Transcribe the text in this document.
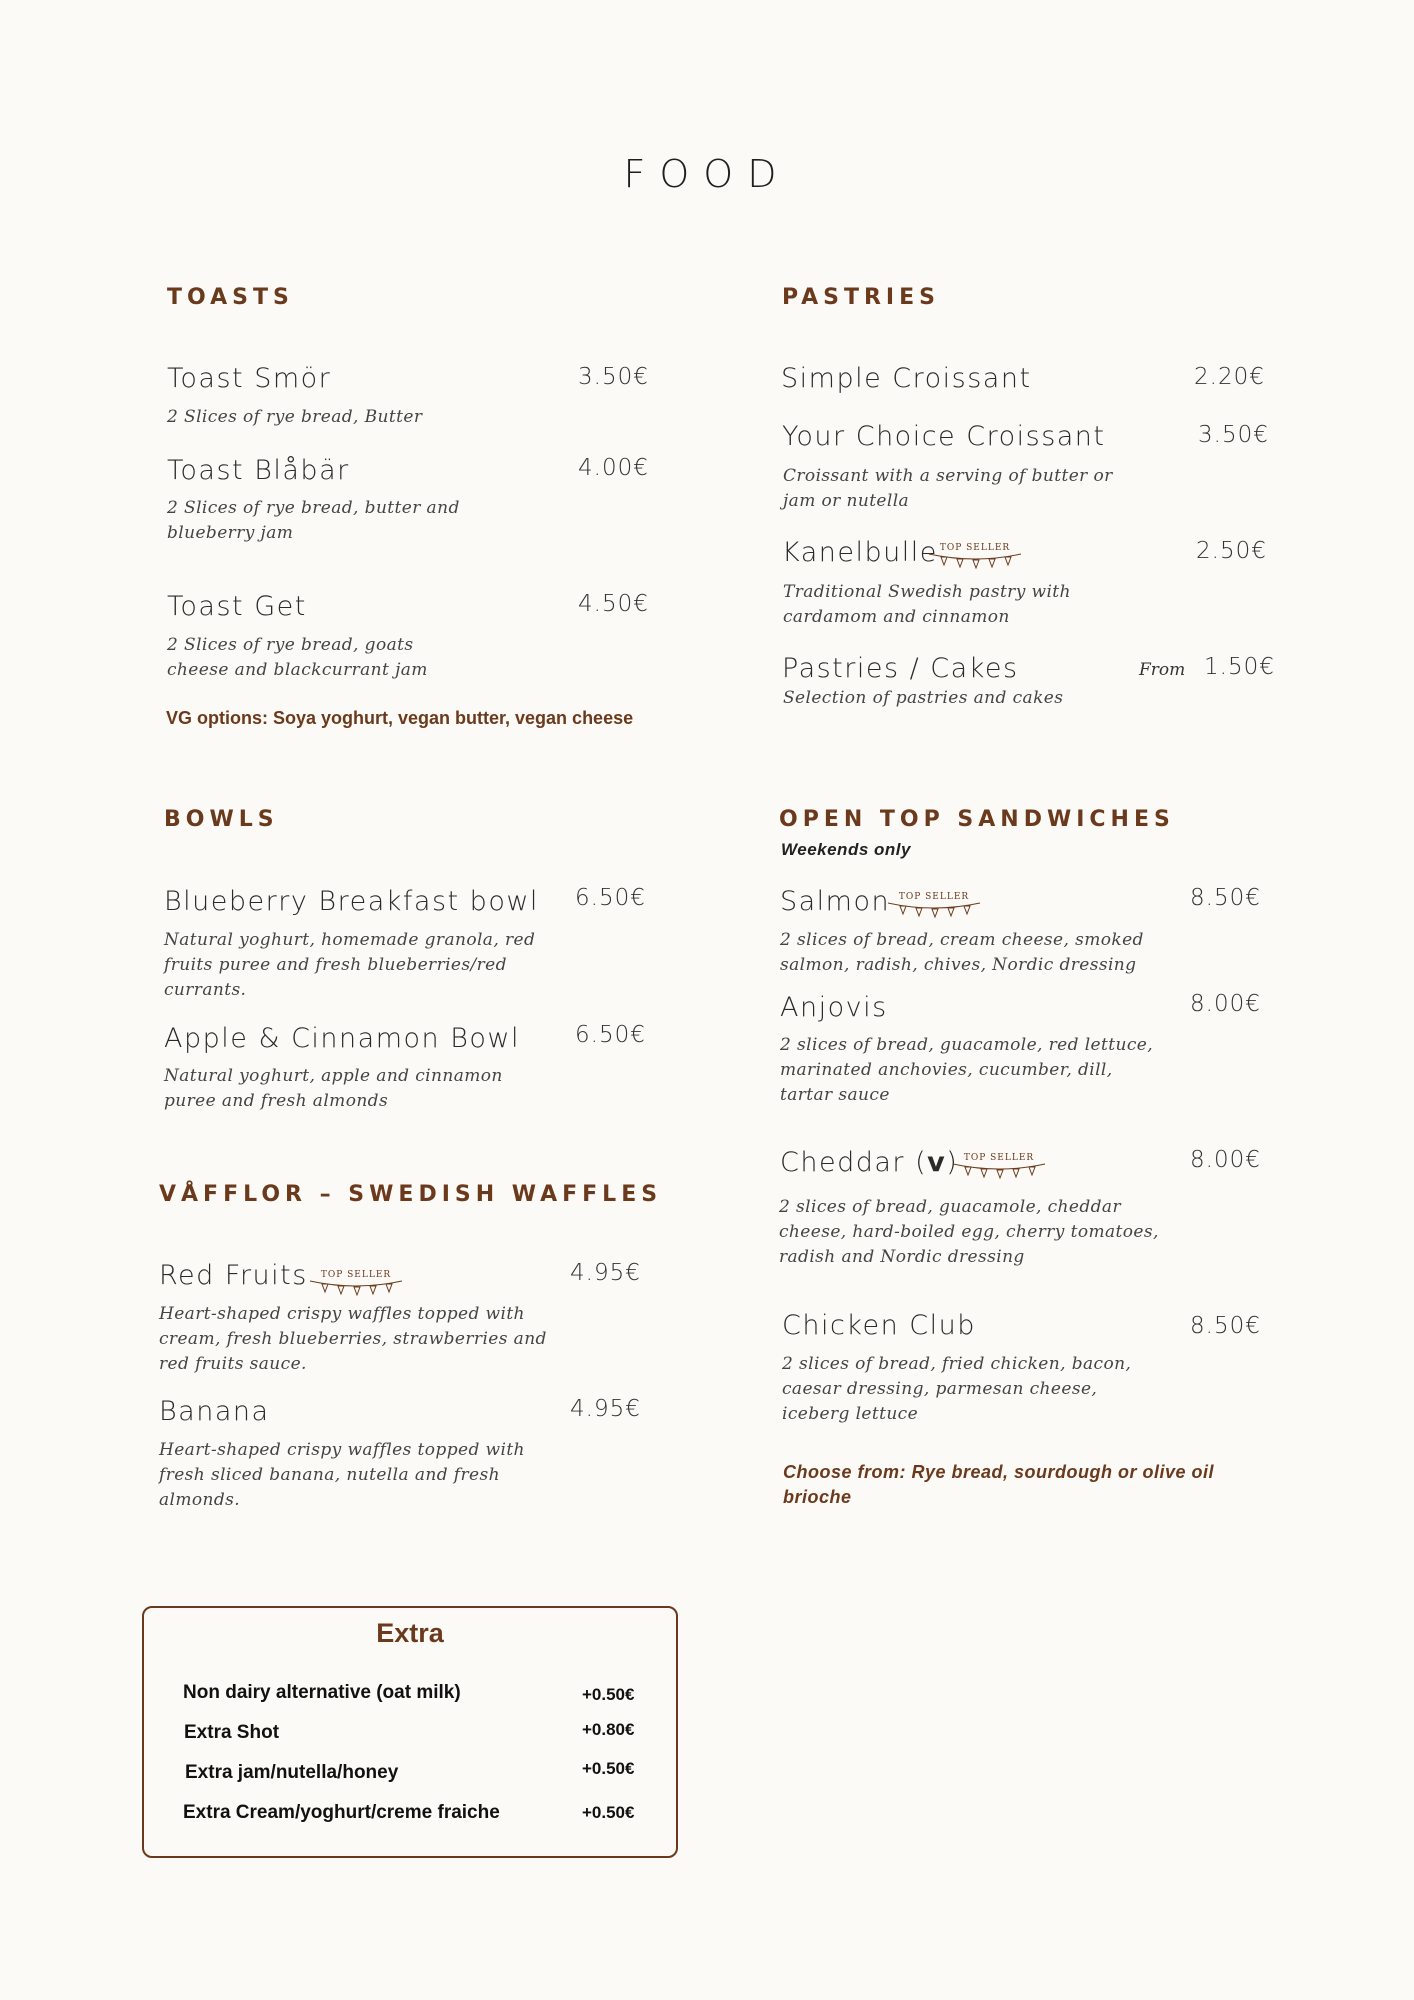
FOOD
TOASTS
Toast Smör	3.50€
2 Slices of rye bread, Butter
Toast Blåbär	4.00€
2 Slices of rye bread, butter and blueberry jam
Toast Get	4.50€
2 Slices of rye bread, goats cheese and blackcurrant jam
VG options: Soya yoghurt, vegan butter, vegan cheese
PASTRIES
Simple Croissant	2.20€
Your Choice Croissant	3.50€
Croissant with a serving of butter or jam or nutella
Kanelbulle TOP SELLER	2.50€
Traditional Swedish pastry with cardamom and cinnamon
Pastries / Cakes	From 1.50€
Selection of pastries and cakes
BOWLS
Blueberry Breakfast bowl 6.50€
Natural yoghurt, homemade granola, red fruits puree and fresh blueberries/red currants.
Apple & Cinnamon Bowl 6.50€
Natural yoghurt, apple and cinnamon puree and fresh almonds
OPEN TOP SANDWICHES
Weekends only
Salmon TOP SELLER	8.50€
2 slices of bread, cream cheese, smoked salmon, radish, chives, Nordic dressing
Anjovis	8.00€
2 slices of bread, guacamole, red lettuce, marinated anchovies, cucumber, dill, tartar sauce
Cheddar (v) TOP SELLER	8.00€
2 slices of bread, guacamole, cheddar cheese, hard-boiled egg, cherry tomatoes, radish and Nordic dressing
Chicken Club	8.50€
2 slices of bread, fried chicken, bacon, caesar dressing, parmesan cheese, iceberg lettuce
Choose from: Rye bread, sourdough or olive oil brioche
VÅFFLOR – SWEDISH WAFFLES
Red Fruits TOP SELLER	4.95€
Heart-shaped crispy waffles topped with cream, fresh blueberries, strawberries and red fruits sauce.
Banana	4.95€
Heart-shaped crispy waffles topped with fresh sliced banana, nutella and fresh almonds.
Extra
Non dairy alternative (oat milk)	+0.50€
Extra Shot	+0.80€
Extra jam/nutella/honey	+0.50€
Extra Cream/yoghurt/creme fraiche	+0.50€
